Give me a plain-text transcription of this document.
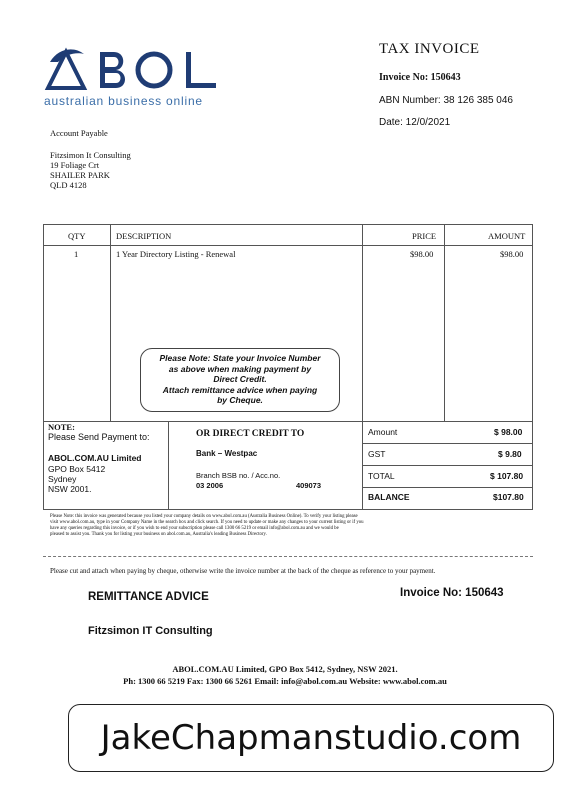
australian business online
TAX INVOICE
Invoice No: 150643
ABN Number: 38 126 385 046
Date: 12/0/2021
Account Payable
Fitzsimon It Consulting
19 Foliage Crt
SHAILER PARK
QLD 4128
QTY	DESCRIPTION	PRICE	AMOUNT
1	1 Year Directory Listing - Renewal	$98.00	$98.00
NOTE:
Please Send Payment to:
ABOL.COM.AU Limited
GPO Box 5412
Sydney
NSW 2001.
OR DIRECT CREDIT TO
Bank – Westpac
Branch BSB no. / Acc.no.
03 2006	409073
Amount	$ 98.00
GST	$ 9.80
TOTAL	$ 107.80
BALANCE	$107.80
Please Note: State your Invoice Number
as above when making payment by
Direct Credit.
Attach remittance advice when paying
by Cheque.
Please Note: this invoice was generated because you listed your company details on www.abol.com.au (Australia Business Online). To verify your listing please
visit www.abol.com.au, type in your Company Name in the search box and click search. If you need to update or make any changes to your current listing or if you
have any queries regarding this invoice, or if you wish to end your subscription please call 1300 66 5219 or email info@abol.com.au and we would be
pleased to assist you. Thank you for listing your business on abol.com.au, Australia's leading Business Directory.
Please cut and attach when paying by cheque, otherwise write the invoice number at the back of the cheque as reference to your payment.
REMITTANCE ADVICE	Invoice No: 150643
Fitzsimon IT Consulting
ABOL.COM.AU Limited, GPO Box 5412, Sydney, NSW 2021.
Ph: 1300 66 5219 Fax: 1300 66 5261 Email: info@abol.com.au Website: www.abol.com.au
JakeChapmanstudio.com
